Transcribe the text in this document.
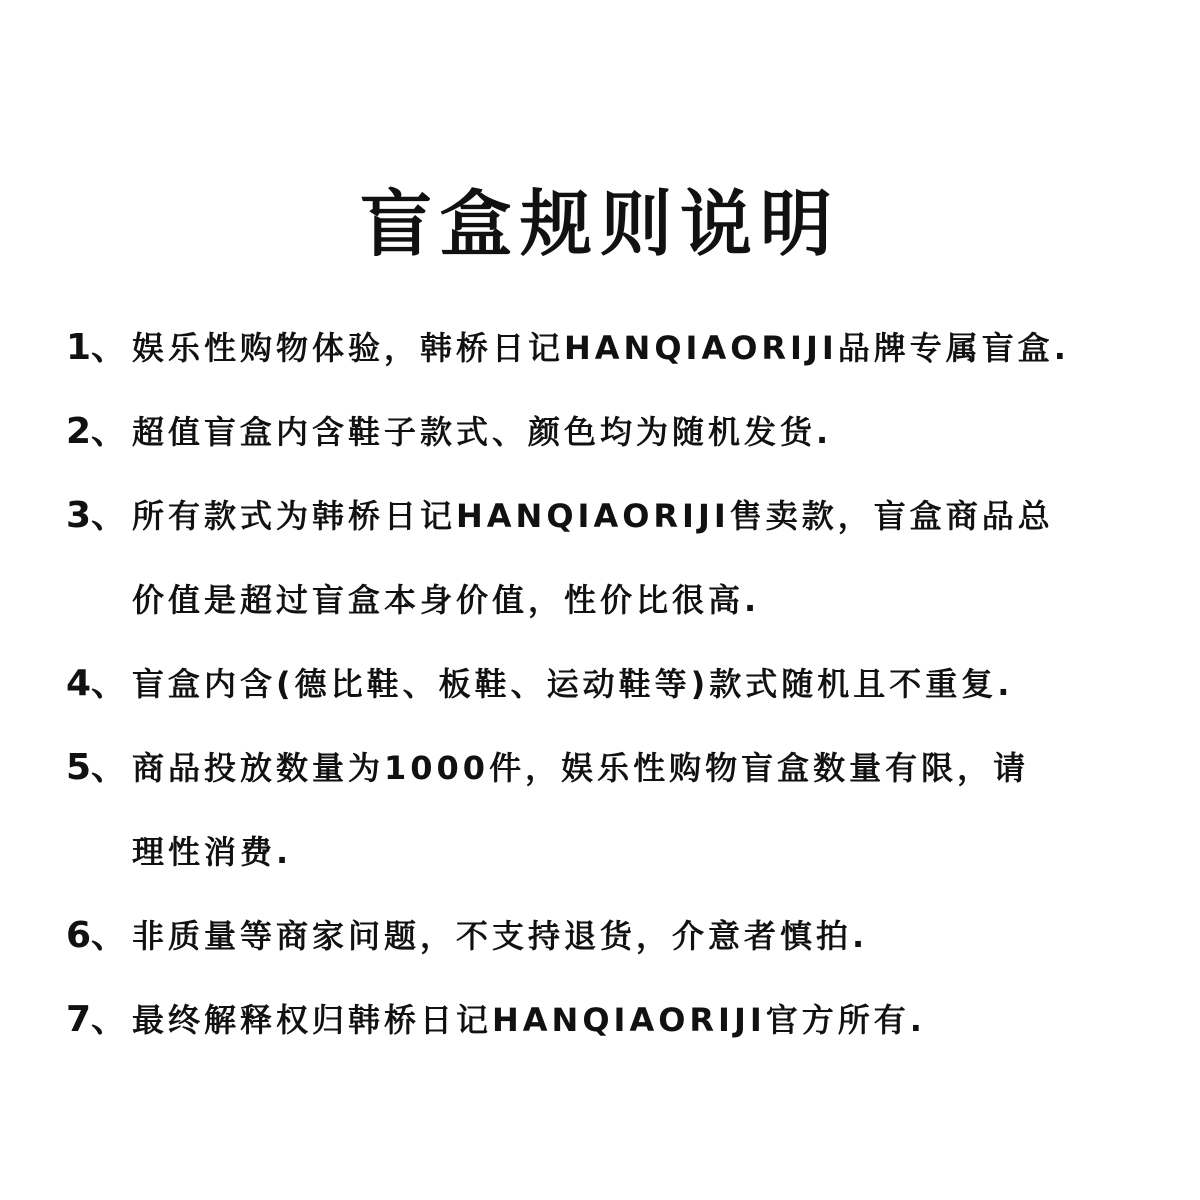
盲盒规则说明
1、 娱乐性购物体验，韩桥日记HANQIAORIJI品牌专属盲盒.
2、 超值盲盒内含鞋子款式、颜色均为随机发货.
3、 所有款式为韩桥日记HANQIAORIJI售卖款，盲盒商品总
价值是超过盲盒本身价值，性价比很高.
4、 盲盒内含(德比鞋、板鞋、运动鞋等)款式随机且不重复.
5、 商品投放数量为1000件，娱乐性购物盲盒数量有限，请
理性消费.
6、 非质量等商家问题，不支持退货，介意者慎拍.
7、 最终解释权归韩桥日记HANQIAORIJI官方所有.
